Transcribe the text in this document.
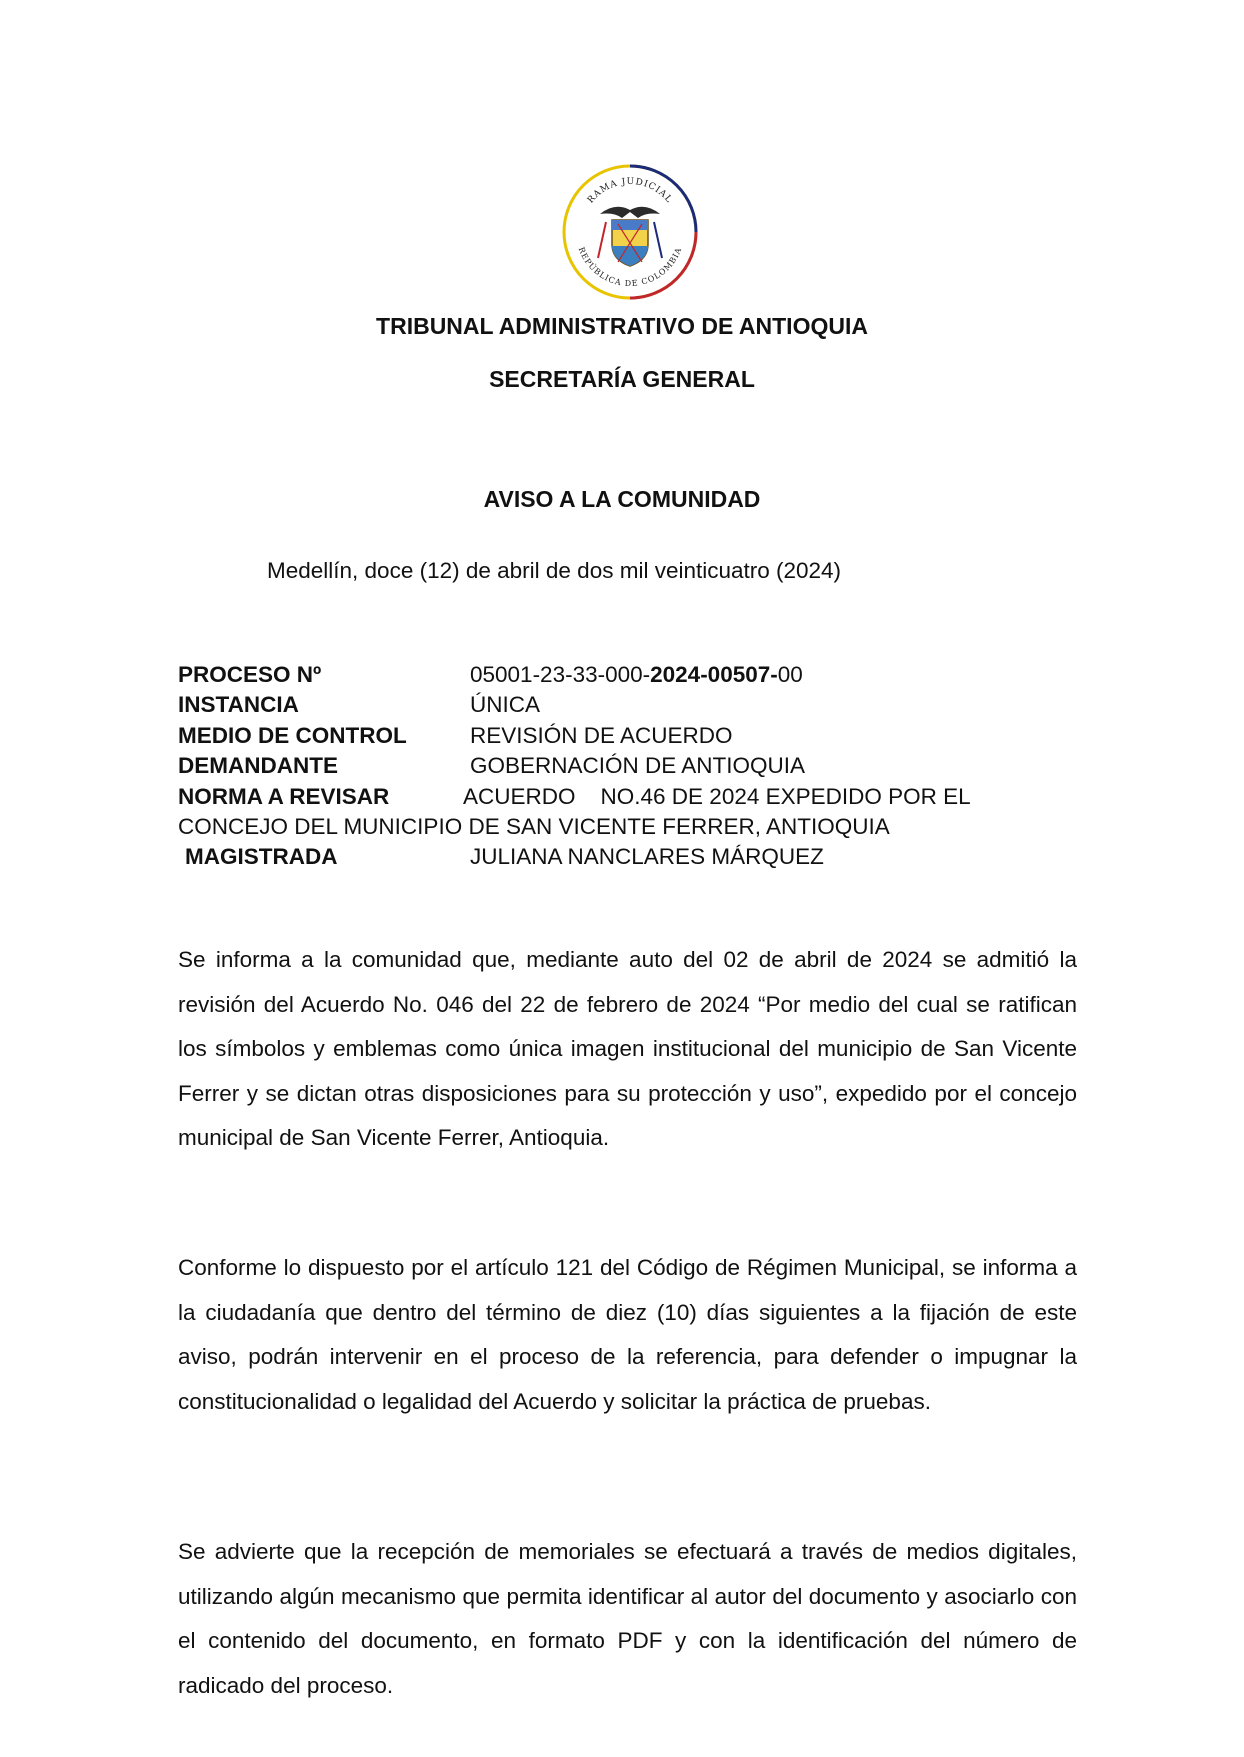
RAMA JUDICIAL
REPÚBLICA DE COLOMBIA
TRIBUNAL ADMINISTRATIVO DE ANTIOQUIA
SECRETARÍA GENERAL
AVISO A LA COMUNIDAD
Medellín, doce (12) de abril de dos mil veinticuatro (2024)
PROCESO Nº	05001-23-33-000-2024-00507-00
INSTANCIA	ÚNICA
MEDIO DE CONTROL	REVISIÓN DE ACUERDO
DEMANDANTE	GOBERNACIÓN DE ANTIOQUIA
NORMA A REVISAR	ACUERDO    NO.46 DE 2024 EXPEDIDO POR EL
CONCEJO DEL MUNICIPIO DE SAN VICENTE FERRER, ANTIOQUIA
MAGISTRADA	JULIANA NANCLARES MÁRQUEZ
Se informa a la comunidad que, mediante auto del 02 de abril de 2024 se admitió la revisión del Acuerdo No. 046 del 22 de febrero de 2024 “Por medio del cual se ratifican los símbolos y emblemas como única imagen institucional del municipio de San Vicente Ferrer y se dictan otras disposiciones para su protección y uso”, expedido por el concejo municipal de San Vicente Ferrer, Antioquia.
Conforme lo dispuesto por el artículo 121 del Código de Régimen Municipal, se informa a la ciudadanía que dentro del término de diez (10) días siguientes a la fijación de este aviso, podrán intervenir en el proceso de la referencia, para defender o impugnar la constitucionalidad o legalidad del Acuerdo y solicitar la práctica de pruebas.
Se advierte que la recepción de memoriales se efectuará a través de medios digitales, utilizando algún mecanismo que permita identificar al autor del documento y asociarlo con el contenido del documento, en formato PDF y con la identificación del número de radicado del proceso.
